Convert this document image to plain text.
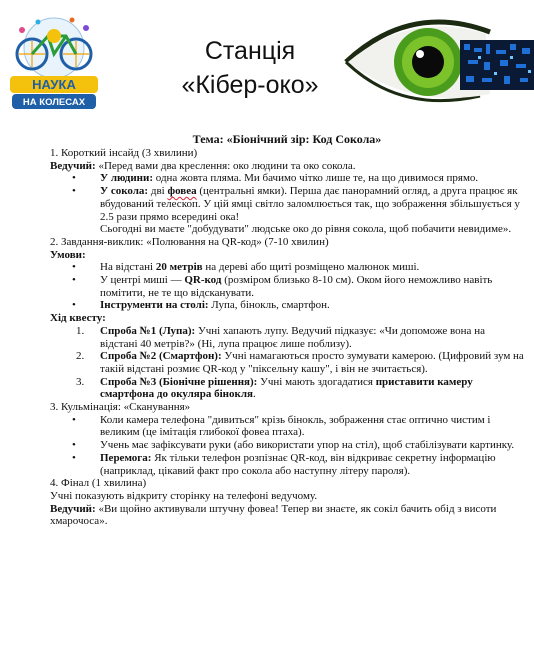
НАУКА
НА КОЛЕСАХ
Станція
«Кібер-око»
Тема: «Біонічний зір: Код Сокола»

1. Короткий інсайд (3 хвилини)

Ведучий: «Перед вами два креслення: око людини та око сокола.

• У людини: одна жовта пляма. Ми бачимо чітко лише те, на що дивимося прямо.
• У сокола: дві фовеа (центральні ямки). Перша дає панорамний огляд, а друга працює як вбудований телескоп. У цій ямці світло заломлюється так, що зображення збільшується у 2.5 рази прямо всередині ока!
Сьогодні ви маєте "добудувати" людське око до рівня сокола, щоб побачити невидиме».

2. Завдання-виклик: «Полювання на QR-код» (7-10 хвилин)

Умови:

• На відстані 20 метрів на дереві або щиті розміщено малюнок миші.
• У центрі миші — QR-код (розміром близько 8-10 см). Оком його неможливо навіть помітити, не те що відсканувати.
• Інструменти на столі: Лупа, бінокль, смартфон.

Хід квесту:

1. Спроба №1 (Лупа): Учні хапають лупу. Ведучий підказує: «Чи допоможе вона на відстані 40 метрів?» (Ні, лупа працює лише поблизу).
2. Спроба №2 (Смартфон): Учні намагаються просто зумувати камерою. (Цифровий зум на такій відстані розмиє QR-код у "піксельну кашу", і він не зчитається).
3. Спроба №3 (Біонічне рішення): Учні мають здогадатися приставити камеру смартфона до окуляра бінокля.

3. Кульмінація: «Сканування»

• Коли камера телефона "дивиться" крізь бінокль, зображення стає оптично чистим і великим (це імітація глибокої фовеа птаха).
• Учень має зафіксувати руки (або використати упор на стіл), щоб стабілізувати картинку.
• Перемога: Як тільки телефон розпізнає QR-код, він відкриває секретну інформацію (наприклад, цікавий факт про сокола або наступну літеру пароля).

4. Фінал (1 хвилина)

Учні показують відкриту сторінку на телефоні ведучому.

Ведучий: «Ви щойно активували штучну фовеа! Тепер ви знаєте, як сокіл бачить обід з висоти хмарочоса».
